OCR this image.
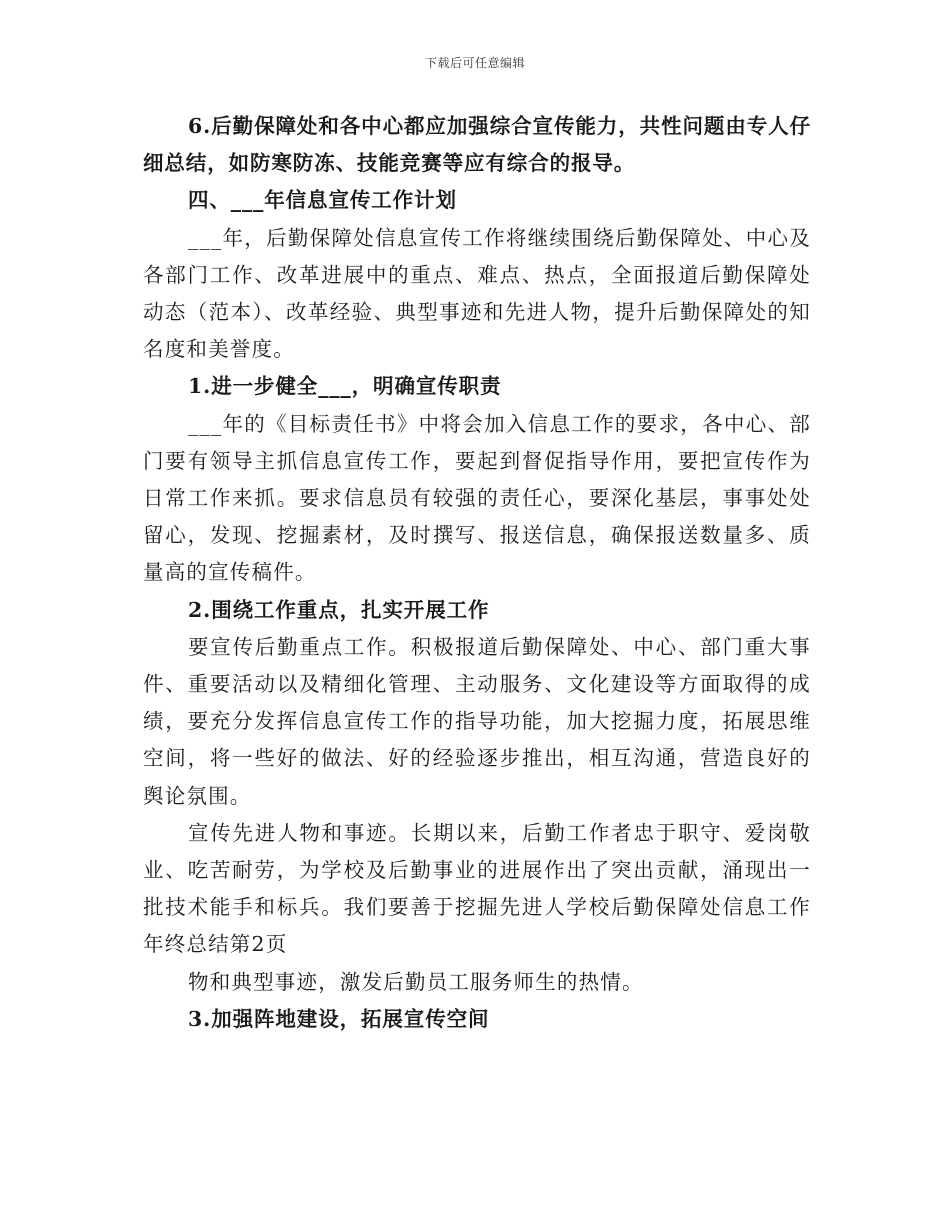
下载后可任意编辑

6.后勤保障处和各中心都应加强综合宣传能力，共性问题由专人仔细总结，如防寒防冻、技能竞赛等应有综合的报导。

四、___年信息宣传工作计划

___年，后勤保障处信息宣传工作将继续围绕后勤保障处、中心及各部门工作、改革进展中的重点、难点、热点，全面报道后勤保障处动态（范本）、改革经验、典型事迹和先进人物，提升后勤保障处的知名度和美誉度。

1.进一步健全___，明确宣传职责

___年的《目标责任书》中将会加入信息工作的要求，各中心、部门要有领导主抓信息宣传工作，要起到督促指导作用，要把宣传作为日常工作来抓。要求信息员有较强的责任心，要深化基层，事事处处留心，发现、挖掘素材，及时撰写、报送信息，确保报送数量多、质量高的宣传稿件。

2.围绕工作重点，扎实开展工作

要宣传后勤重点工作。积极报道后勤保障处、中心、部门重大事件、重要活动以及精细化管理、主动服务、文化建设等方面取得的成绩，要充分发挥信息宣传工作的指导功能，加大挖掘力度，拓展思维空间，将一些好的做法、好的经验逐步推出，相互沟通，营造良好的舆论氛围。

宣传先进人物和事迹。长期以来，后勤工作者忠于职守、爱岗敬业、吃苦耐劳，为学校及后勤事业的进展作出了突出贡献，涌现出一批技术能手和标兵。我们要善于挖掘先进人学校后勤保障处信息工作年终总结第2页

物和典型事迹，激发后勤员工服务师生的热情。

3.加强阵地建设，拓展宣传空间
